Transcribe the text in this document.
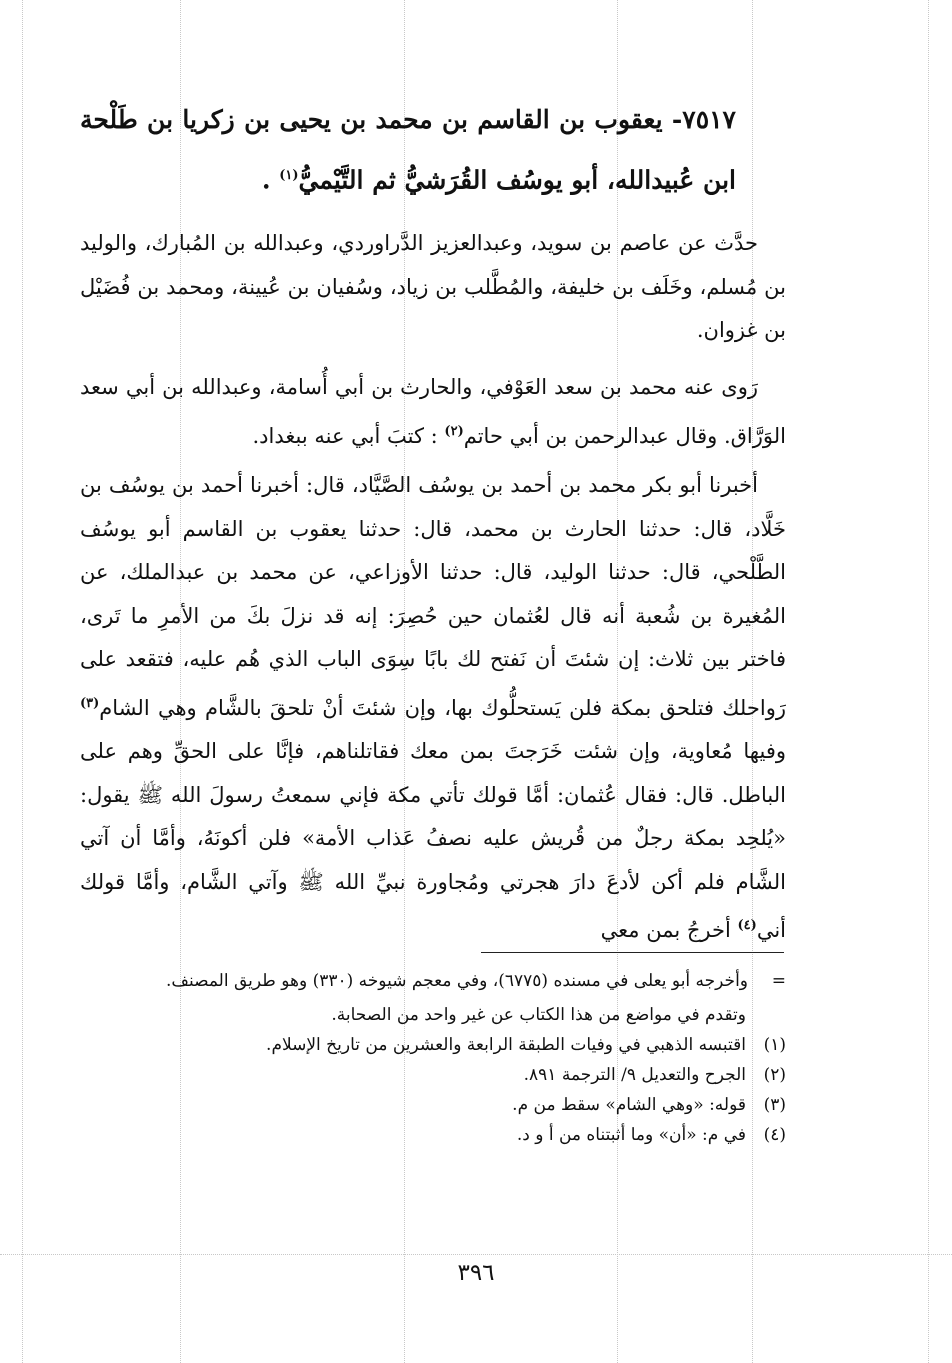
٧٥١٧- يعقوب بن القاسم بن محمد بن يحيى بن زكريا بن طَلْحة ابن عُبيدالله، أبو يوسُف القُرَشيُّ ثم التَّيْميُّ$^{(١)}$ .
حدَّث عن عاصم بن سويد، وعبدالعزيز الدَّراوردي، وعبدالله بن المُبارك، والوليد بن مُسلم، وخَلَف بن خليفة، والمُطَّلب بن زياد، وسُفيان بن عُيينة، ومحمد بن فُضَيْل بن غزوان.
رَوى عنه محمد بن سعد العَوْفي، والحارث بن أبي أُسامة، وعبدالله بن أبي سعد الوَرَّاق. وقال عبدالرحمن بن أبي حاتم$^{(٢)}$ : كتبَ أبي عنه ببغداد.
أخبرنا أبو بكر محمد بن أحمد بن يوسُف الصَّيَّاد، قال: أخبرنا أحمد بن يوسُف بن خَلَّاد، قال: حدثنا الحارث بن محمد، قال: حدثنا يعقوب بن القاسم أبو يوسُف الطَّلْحي، قال: حدثنا الوليد، قال: حدثنا الأوزاعي، عن محمد بن عبدالملك، عن المُغيرة بن شُعبة أنه قال لعُثمان حين حُصِرَ: إنه قد نزلَ بكَ من الأمرِ ما تَرى، فاختر بين ثلاث: إن شئتَ أن نَفتح لك بابًا سِوَى الباب الذي هُم عليه، فتقعد على رَواحلك فتلحق بمكة فلن يَستحلُّوك بها، وإن شئتَ أنْ تلحقَ بالشَّام وهي الشام$^{(٣)}$ وفيها مُعاوية، وإن شئت خَرَجتَ بمن معك فقاتلناهم، فإنَّا على الحقِّ وهم على الباطل. قال: فقال عُثمان: أمَّا قولك تأتي مكة فإني سمعتُ رسولَ الله ﷺ يقول: «يُلحِد بمكة رجلٌ من قُريش عليه نصفُ عَذاب الأمة» فلن أكونَهُ، وأمَّا أن آتي الشَّام فلم أكن لأدعَ دارَ هجرتي ومُجاورة نبيِّ الله ﷺ وآتي الشَّام، وأمَّا قولك أني$^{(٤)}$ أخرجُ بمن معي
=
وأخرجه أبو يعلى في مسنده (٦٧٧٥)، وفي معجم شيوخه (٣٣٠) وهو طريق المصنف.
وتقدم في مواضع من هذا الكتاب عن غير واحد من الصحابة.
(١)اقتبسه الذهبي في وفيات الطبقة الرابعة والعشرين من تاريخ الإسلام.
(٢)الجرح والتعديل ٩/ الترجمة ٨٩١.
(٣)قوله: «وهي الشام» سقط من م.
(٤)في م: «أن» وما أثبتناه من أ و د.
٣٩٦
